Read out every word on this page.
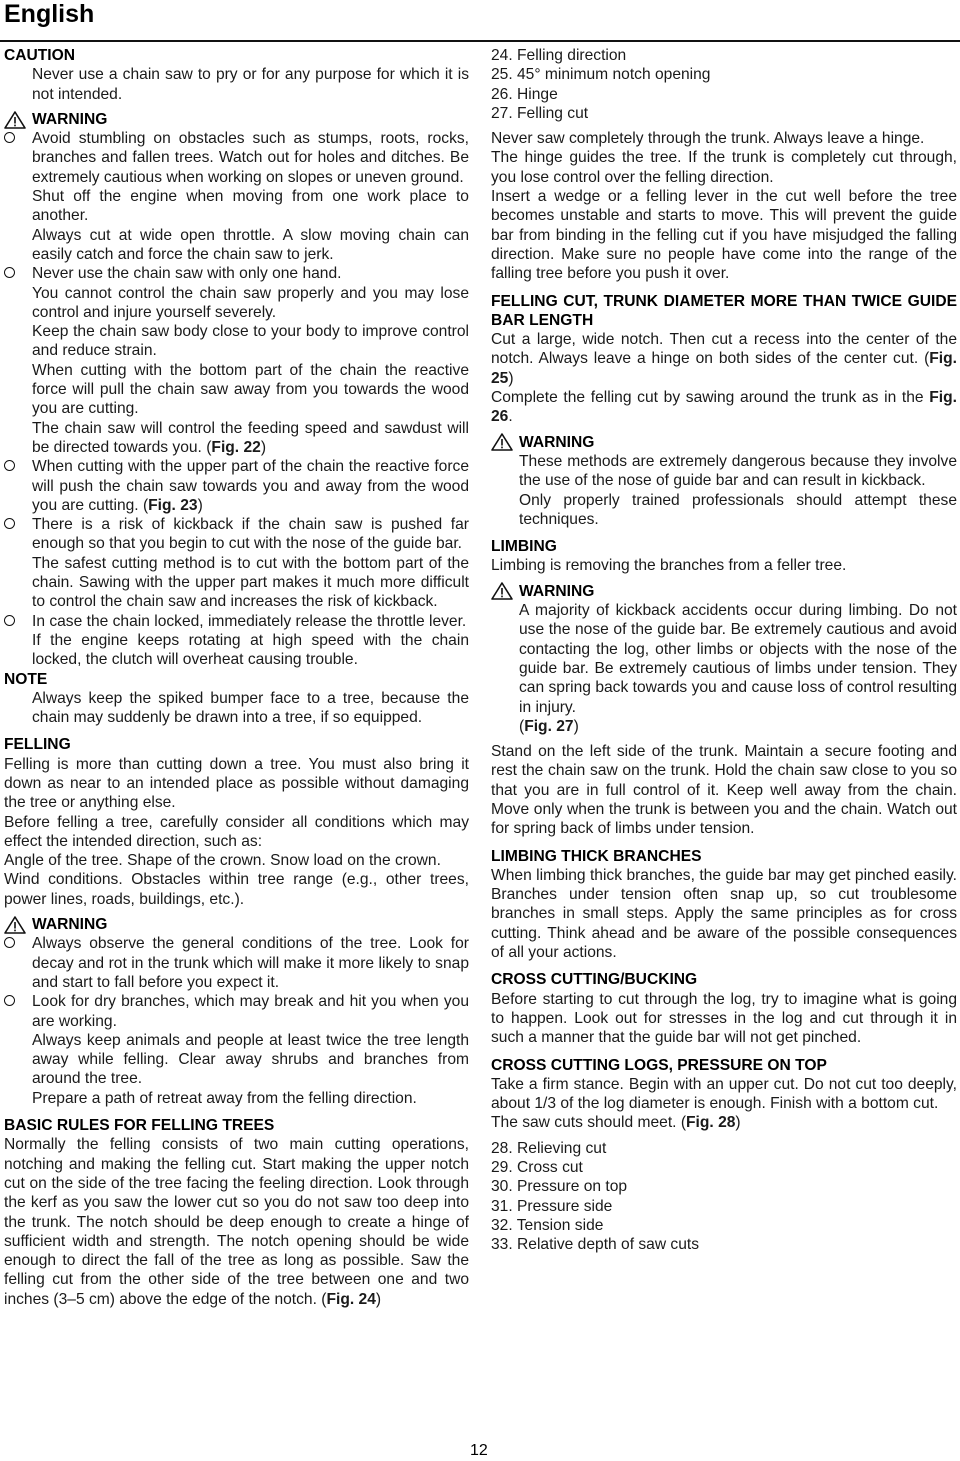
English
CAUTION
Never use a chain saw to pry or for any purpose for which it is not intended.
WARNING
Avoid stumbling on obstacles such as stumps, roots, rocks, branches and fallen trees. Watch out for holes and ditches. Be extremely cautious when working on slopes or uneven ground.
Shut off the engine when moving from one work place to another.
Always cut at wide open throttle. A slow moving chain can easily catch and force the chain saw to jerk.
Never use the chain saw with only one hand.
You cannot control the chain saw properly and you may lose control and injure yourself severely.
Keep the chain saw body close to your body to improve control and reduce strain.
When cutting with the bottom part of the chain the reactive force will pull the chain saw away from you towards the wood you are cutting.
The chain saw will control the feeding speed and sawdust will be directed towards you. (Fig. 22)
When cutting with the upper part of the chain the reactive force will push the chain saw towards you and away from the wood you are cutting. (Fig. 23)
There is a risk of kickback if the chain saw is pushed far enough so that you begin to cut with the nose of the guide bar.
The safest cutting method is to cut with the bottom part of the chain. Sawing with the upper part makes it much more difficult to control the chain saw and increases the risk of kickback.
In case the chain locked, immediately release the throttle lever.
If the engine keeps rotating at high speed with the chain locked, the clutch will overheat causing trouble.
NOTE
Always keep the spiked bumper face to a tree, because the chain may suddenly be drawn into a tree, if so equipped.
FELLING
Felling is more than cutting down a tree. You must also bring it down as near to an intended place as possible without damaging the tree or anything else.
Before felling a tree, carefully consider all conditions which may effect the intended direction, such as:
Angle of the tree. Shape of the crown. Snow load on the crown.
Wind conditions. Obstacles within tree range (e.g., other trees, power lines, roads, buildings, etc.).
WARNING
Always observe the general conditions of the tree. Look for decay and rot in the trunk which will make it more likely to snap and start to fall before you expect it.
Look for dry branches, which may break and hit you when you are working.
Always keep animals and people at least twice the tree length away while felling. Clear away shrubs and branches from around the tree.
Prepare a path of retreat away from the felling direction.
BASIC RULES FOR FELLING TREES
Normally the felling consists of two main cutting operations, notching and making the felling cut. Start making the upper notch cut on the side of the tree facing the feeling direction. Look through the kerf as you saw the lower cut so you do not saw too deep into the trunk. The notch should be deep enough to create a hinge of sufficient width and strength. The notch opening should be wide enough to direct the fall of the tree as long as possible. Saw the felling cut from the other side of the tree between one and two inches (3–5 cm) above the edge of the notch. (Fig. 24)
24. Felling direction
25. 45° minimum notch opening
26. Hinge
27. Felling cut
Never saw completely through the trunk. Always leave a hinge.
The hinge guides the tree. If the trunk is completely cut through, you lose control over the felling direction.
Insert a wedge or a felling lever in the cut well before the tree becomes unstable and starts to move. This will prevent the guide bar from binding in the felling cut if you have misjudged the falling direction. Make sure no people have come into the range of the falling tree before you push it over.
FELLING CUT, TRUNK DIAMETER MORE THAN TWICE GUIDE BAR LENGTH
Cut a large, wide notch. Then cut a recess into the center of the notch. Always leave a hinge on both sides of the center cut. (Fig. 25)
Complete the felling cut by sawing around the trunk as in the Fig. 26.
WARNING
These methods are extremely dangerous because they involve the use of the nose of guide bar and can result in kickback.
Only properly trained professionals should attempt these techniques.
LIMBING
Limbing is removing the branches from a feller tree.
WARNING
A majority of kickback accidents occur during limbing. Do not use the nose of the guide bar. Be extremely cautious and avoid contacting the log, other limbs or objects with the nose of the guide bar. Be extremely cautious of limbs under tension. They can spring back towards you and cause loss of control resulting in injury.
(Fig. 27)
Stand on the left side of the trunk. Maintain a secure footing and rest the chain saw on the trunk. Hold the chain saw close to you so that you are in full control of it. Keep well away from the chain. Move only when the trunk is between you and the chain. Watch out for spring back of limbs under tension.
LIMBING THICK BRANCHES
When limbing thick branches, the guide bar may get pinched easily. Branches under tension often snap up, so cut troublesome branches in small steps. Apply the same principles as for cross cutting. Think ahead and be aware of the possible consequences of all your actions.
CROSS CUTTING/BUCKING
Before starting to cut through the log, try to imagine what is going to happen. Look out for stresses in the log and cut through it in such a manner that the guide bar will not get pinched.
CROSS CUTTING LOGS, PRESSURE ON TOP
Take a firm stance. Begin with an upper cut. Do not cut too deeply, about 1/3 of the log diameter is enough. Finish with a bottom cut.
The saw cuts should meet. (Fig. 28)
28. Relieving cut
29. Cross cut
30. Pressure on top
31. Pressure side
32. Tension side
33. Relative depth of saw cuts
12
